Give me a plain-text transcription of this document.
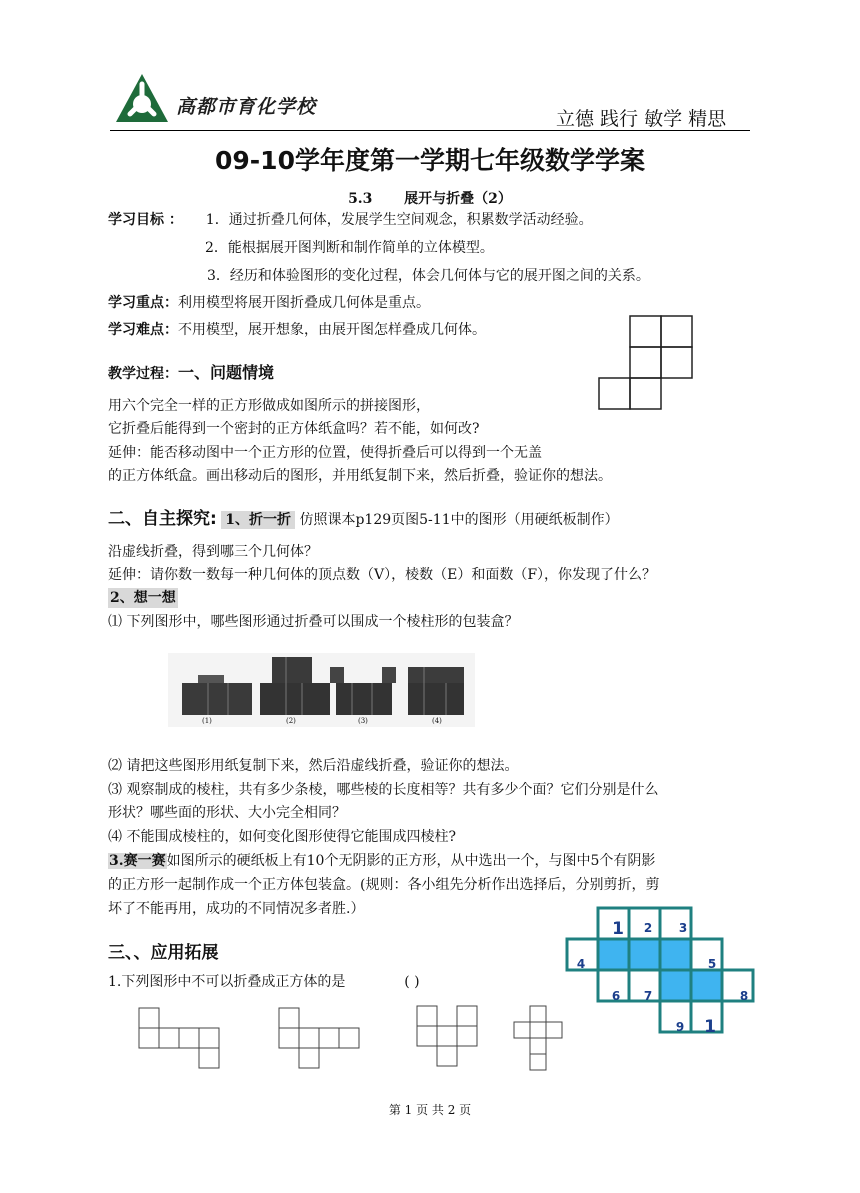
高都市育化学校
立德 践行 敏学 精思
09-10学年度第一学期七年级数学学案
5.3 展开与折叠（2）
学习目标 ： 1．通过折叠几何体，发展学生空间观念，积累数学活动经验。
2．能根据展开图判断和制作简单的立体模型。
3．经历和体验图形的变化过程，体会几何体与它的展开图之间的关系。
学习重点：利用模型将展开图折叠成几何体是重点。
学习难点：不用模型，展开想象，由展开图怎样叠成几何体。
教学过程：一、问题情境
用六个完全一样的正方形做成如图所示的拼接图形，
它折叠后能得到一个密封的正方体纸盒吗？若不能，如何改?
延伸：能否移动图中一个正方形的位置，使得折叠后可以得到一个无盖
的正方体纸盒。画出移动后的图形，并用纸复制下来，然后折叠，验证你的想法。
二、自主探究: 1、折一折 仿照课本p129页图5-11中的图形（用硬纸板制作）
沿虚线折叠，得到哪三个几何体？
延伸：请你数一数每一种几何体的顶点数（V），棱数（E）和面数（F），你发现了什么？
2、想一想
⑴ 下列图形中，哪些图形通过折叠可以围成一个棱柱形的包装盒？
(1)	(2)	(3)	(4)
⑵ 请把这些图形用纸复制下来，然后沿虚线折叠，验证你的想法。
⑶ 观察制成的棱柱，共有多少条棱，哪些棱的长度相等？共有多少个面？它们分别是什么
形状？哪些面的形状、大小完全相同？
⑷ 不能围成棱柱的，如何变化图形使得它能围成四棱柱?
3.赛一赛如图所示的硬纸板上有10个无阴影的正方形，从中选出一个，与图中5个有阴影
的正方形一起制作成一个正方体包装盒。(规则：各小组先分析作出选择后，分别剪折，剪
坏了不能再用，成功的不同情况多者胜.）
三、、应用拓展
1.下列图形中不可以折叠成正方体的是	( )
1 2 3
4	5
6 7	8
9 1
第 1 页 共 2 页
